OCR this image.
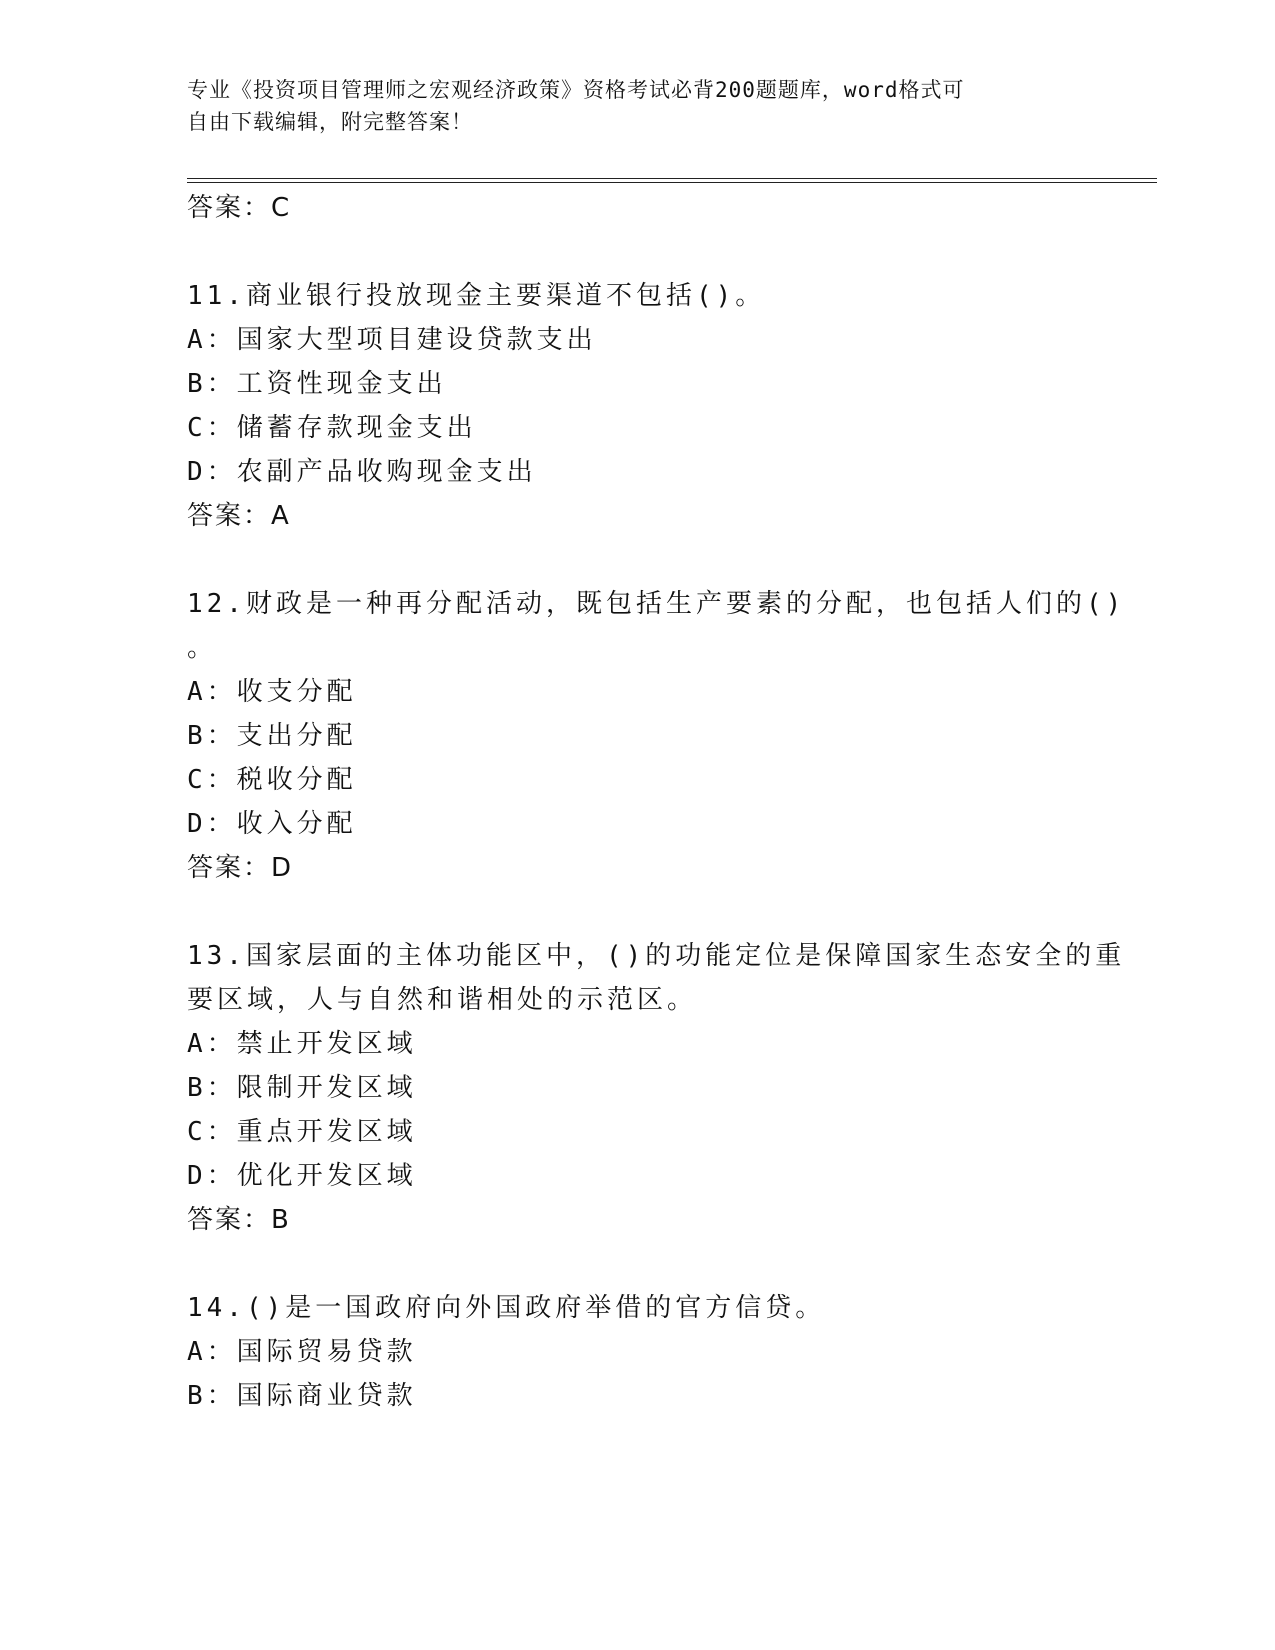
专业《投资项目管理师之宏观经济政策》资格考试必背200题题库，word格式可
自由下载编辑，附完整答案！
答案：C
11.商业银行投放现金主要渠道不包括()。
A：国家大型项目建设贷款支出
B：工资性现金支出
C：储蓄存款现金支出
D：农副产品收购现金支出
答案：A
12.财政是一种再分配活动，既包括生产要素的分配，也包括人们的()
。
A：收支分配
B：支出分配
C：税收分配
D：收入分配
答案：D
13.国家层面的主体功能区中，()的功能定位是保障国家生态安全的重
要区域，人与自然和谐相处的示范区。
A：禁止开发区域
B：限制开发区域
C：重点开发区域
D：优化开发区域
答案：B
14.()是一国政府向外国政府举借的官方信贷。
A：国际贸易贷款
B：国际商业贷款
